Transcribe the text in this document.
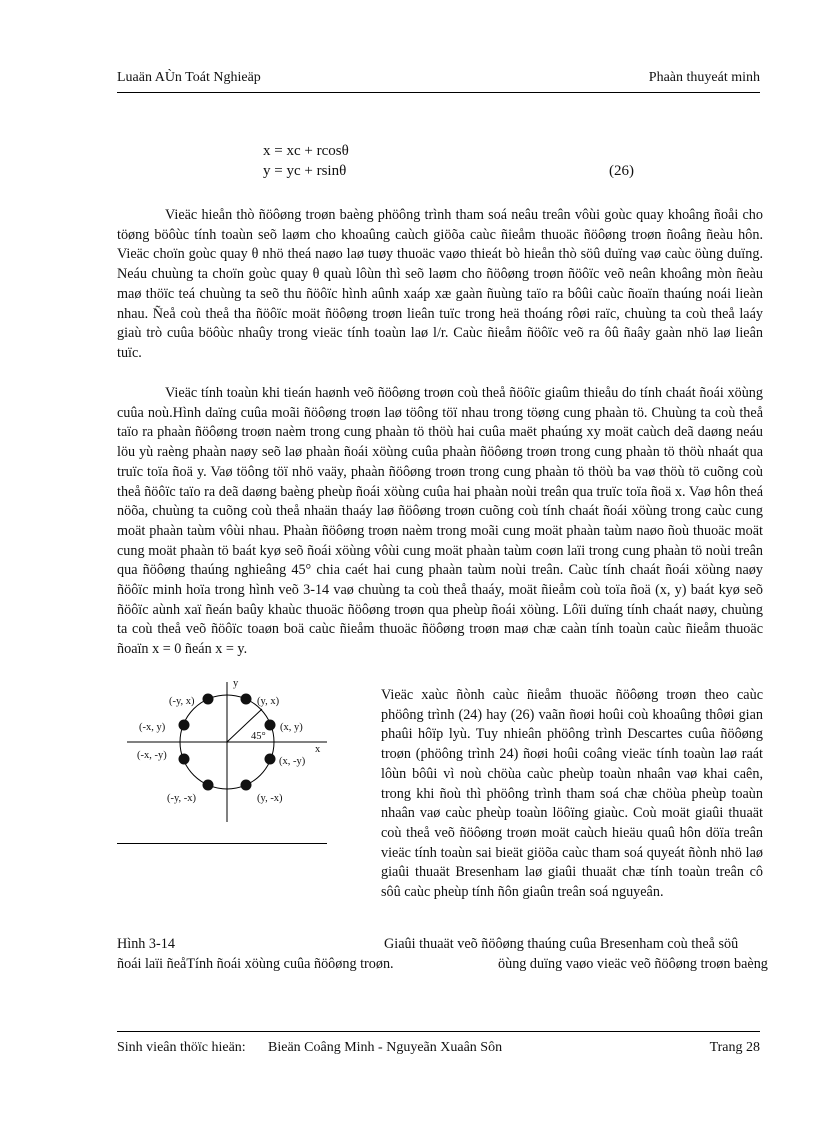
Luaän AÙn Toát Nghieäp	Phaàn thuyeát minh
x = xc + rcosθ
y = yc + rsinθ	(26)

Vieäc hieån thò ñöôøng troøn baèng phöông trình tham soá neâu treân vôùi goùc quay khoâng ñoåi cho töøng böôùc tính toaùn seõ laøm cho khoaûng caùch giöõa caùc ñieåm thuoäc ñöôøng troøn ñoâng ñeàu hôn. Vieäc choïn goùc quay θ nhö theá naøo laø tuøy thuoäc vaøo thieát bò hieån thò söû duïng vaø caùc öùng duïng. Neáu chuùng ta choïn goùc quay θ quaù lôùn thì seõ laøm cho ñöôøng troøn ñöôïc veõ neân khoâng mòn ñeàu maø thöïc teá chuùng ta seõ thu ñöôïc hình aûnh xaáp xæ gaàn ñuùng taïo ra bôûi caùc ñoaïn thaúng noái lieàn nhau. Ñeå coù theå tha ñöôïc moät ñöôøng troøn lieân tuïc trong heä thoáng rôøi raïc, chuùng ta coù theå laáy giaù trò cuûa böôùc nhaûy trong vieäc tính toaùn laø l/r. Caùc ñieåm ñöôïc veõ ra ôû ñaây gaàn nhö laø lieân tuïc.

Vieäc tính toaùn khi tieán haønh veõ ñöôøng troøn coù theå ñöôïc giaûm thieåu do tính chaát ñoái xöùng cuûa noù.Hình daïng cuûa moãi ñöôøng troøn laø töông töï nhau trong töøng cung phaàn tö. Chuùng ta coù theå taïo ra phaàn ñöôøng troøn naèm trong cung phaàn tö thöù hai cuûa maët phaúng xy moät caùch deã daøng neáu löu yù raèng phaàn naøy seõ laø phaàn ñoái xöùng cuûa phaàn ñöôøng troøn trong cung phaàn tö thöù nhaát qua truïc toïa ñoä y. Vaø töông töï nhö vaäy, phaàn ñöôøng troøn trong cung phaàn tö thöù ba vaø thöù tö cuõng coù theå ñöôïc taïo ra deã daøng baèng pheùp ñoái xöùng cuûa hai phaàn noùi treân qua truïc toïa ñoä x. Vaø hôn theá nöõa, chuùng ta cuõng coù theå nhaän thaáy laø ñöôøng troøn cuõng coù tính chaát ñoái xöùng trong caùc cung moät phaàn taùm vôùi nhau. Phaàn ñöôøng troøn naèm trong moãi cung moät phaàn taùm naøo ñoù thuoäc moät cung moät phaàn tö baát kyø seõ ñoái xöùng vôùi cung moät phaàn taùm coøn laïi trong cung phaàn tö noùi treân qua ñöôøng thaúng nghieâng 45° chia caét hai cung phaàn taùm noùi treân. Caùc tính chaát ñoái xöùng naøy ñöôïc minh hoïa trong hình veõ 3-14 vaø chuùng ta coù theå thaáy, moät ñieåm coù toïa ñoä (x, y) baát kyø seõ ñöôïc aùnh xaï ñeán baûy khaùc thuoäc ñöôøng troøn qua pheùp ñoái xöùng. Lôïi duïng tính chaát naøy, chuùng ta coù theå veõ ñöôïc toaøn boä caùc ñieåm thuoäc ñöôøng troøn maø chæ caàn tính toaùn caùc ñieåm thuoäc ñoaïn x = 0 ñeán x = y.

x
y
45°
(-y, x)	(y, x)
(-x, y)	(x, y)
(-x, -y)
(x, -y)
(-y, -x)	(y, -x)

Vieäc xaùc ñònh caùc ñieåm thuoäc ñöôøng troøn theo caùc phöông trình (24) hay (26) vaãn ñoøi hoûi coù khoaûng thôøi gian phaûi hôïp lyù. Tuy nhieân phöông trình Descartes cuûa ñöôøng troøn (phöông trình 24) ñoøi hoûi coâng vieäc tính toaùn laø raát lôùn bôûi vì noù chöùa caùc pheùp toaùn nhaân vaø khai caên, trong khi ñoù thì phöông trình tham soá chæ chöùa pheùp toaùn nhaân vaø caùc pheùp toaùn löôïng giaùc. Coù moät giaûi thuaät coù theå veõ ñöôøng troøn moät caùch hieäu quaû hôn döïa treân vieäc tính toaùn sai bieät giöõa caùc tham soá quyeát ñònh nhö laø giaûi thuaät Bresenham laø giaûi thuaät chæ tính toaùn treân cô sôû caùc pheùp tính ñôn giaûn treân soá nguyeân.

Hình 3-14	Giaûi thuaät veõ ñöôøng thaúng cuûa Bresenham coù theå söû
ñoái laïi ñeåTính ñoái xöùng cuûa ñöôøng troøn.	öùng duïng vaøo vieäc veõ ñöôøng troøn baèng
Sinh vieân thöïc hieän: Bieän Coâng Minh - Nguyeãn Xuaân Sôn	Trang 28
